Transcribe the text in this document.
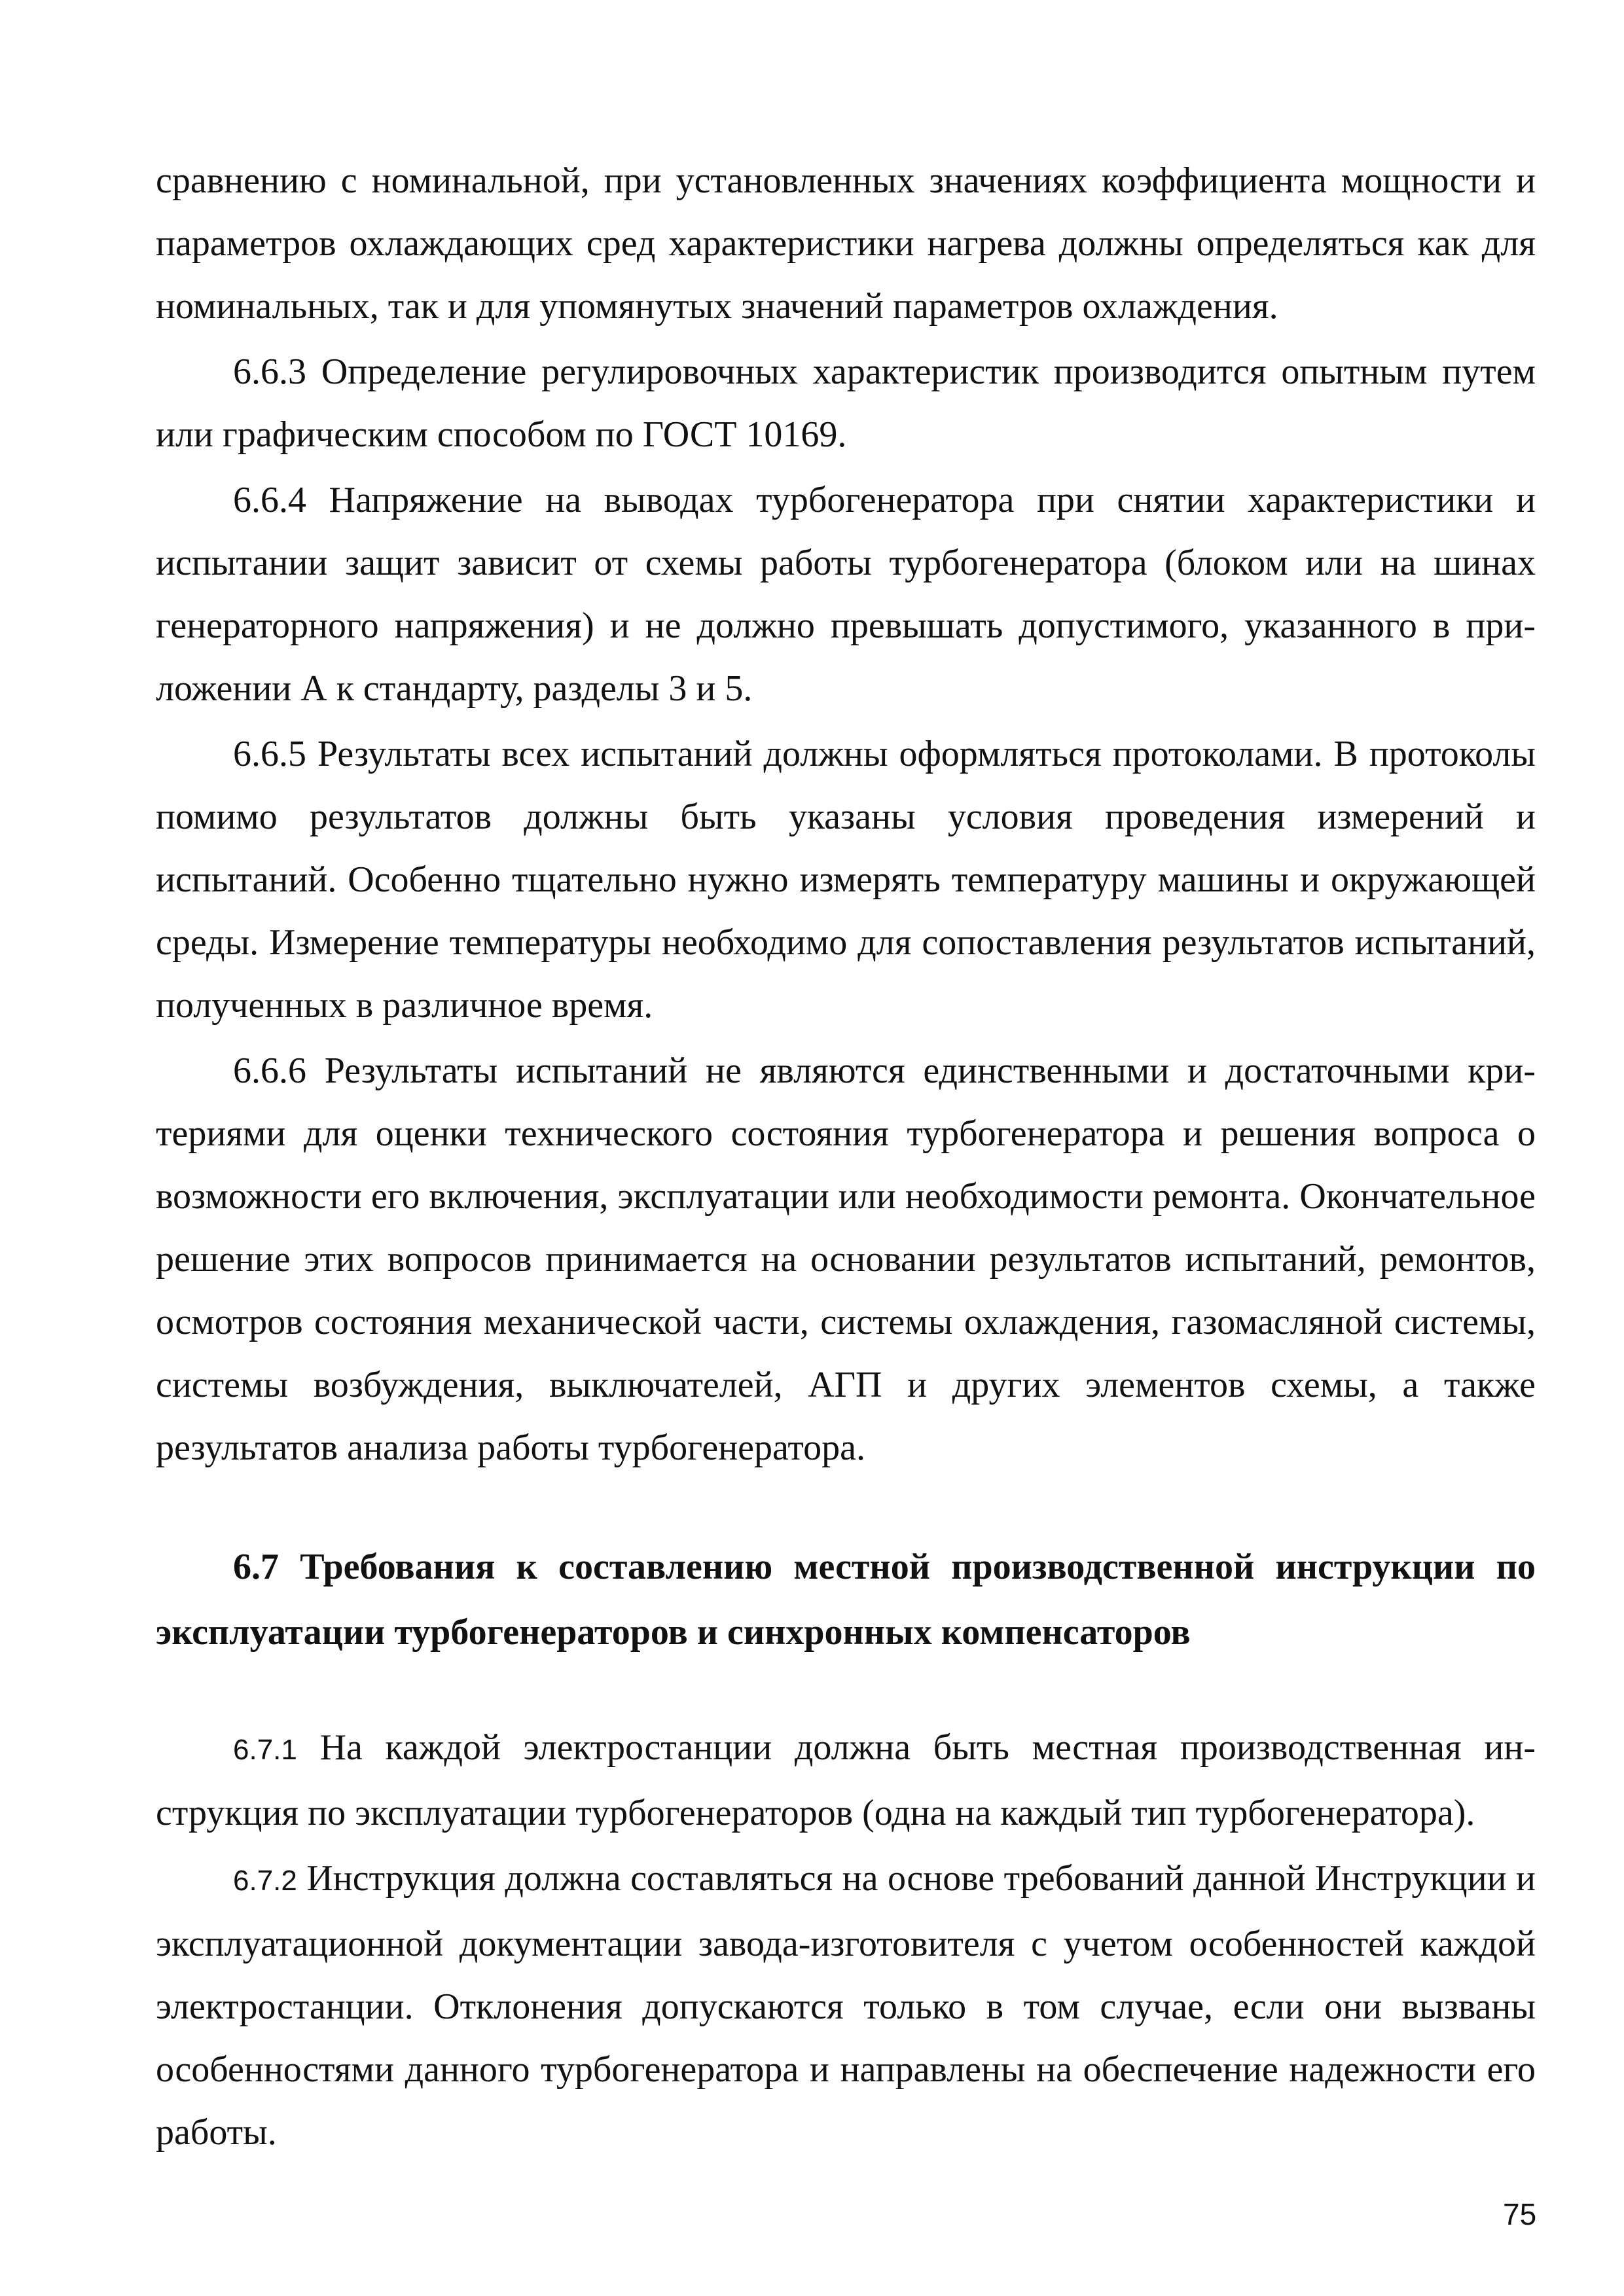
сравнению с номинальной, при установленных значениях коэффициента мощности и параметров охлаждающих сред характеристики нагрева должны определяться как для номинальных, так и для упомянутых значений параметров охлаждения.

6.6.3 Определение регулировочных характеристик производится опытным путем или графическим способом по ГОСТ 10169.

6.6.4 Напряжение на выводах турбогенератора при снятии характеристики и испытании защит зависит от схемы работы турбогенератора (блоком или на шинах генераторного напряжения) и не должно превышать допустимого, указанного в приложении А к стандарту, разделы 3 и 5.

6.6.5 Результаты всех испытаний должны оформляться протоколами. В протоколы помимо результатов должны быть указаны условия проведения измерений и испытаний. Особенно тщательно нужно измерять температуру машины и окружающей среды. Измерение температуры необходимо для сопоставления результатов испытаний, полученных в различное время.

6.6.6 Результаты испытаний не являются единственными и достаточными критериями для оценки технического состояния турбогенератора и решения вопроса о возможности его включения, эксплуатации или необходимости ремонта. Окончательное решение этих вопросов принимается на основании результатов испытаний, ремонтов, осмотров состояния механической части, системы охлаждения, газомасляной системы, системы возбуждения, выключателей, АГП и других элементов схемы, а также результатов анализа работы турбогенератора.

6.7 Требования к составлению местной производственной инструкции по эксплуатации турбогенераторов и синхронных компенсаторов

6.7.1 На каждой электростанции должна быть местная производственная инструкция по эксплуатации турбогенераторов (одна на каждый тип турбогенератора).

6.7.2 Инструкция должна составляться на основе требований данной Инструкции и эксплуатационной документации завода-изготовителя с учетом особенностей каждой электростанции. Отклонения допускаются только в том случае, если они вызваны особенностями данного турбогенератора и направлены на обеспечение надежности его работы.

75
